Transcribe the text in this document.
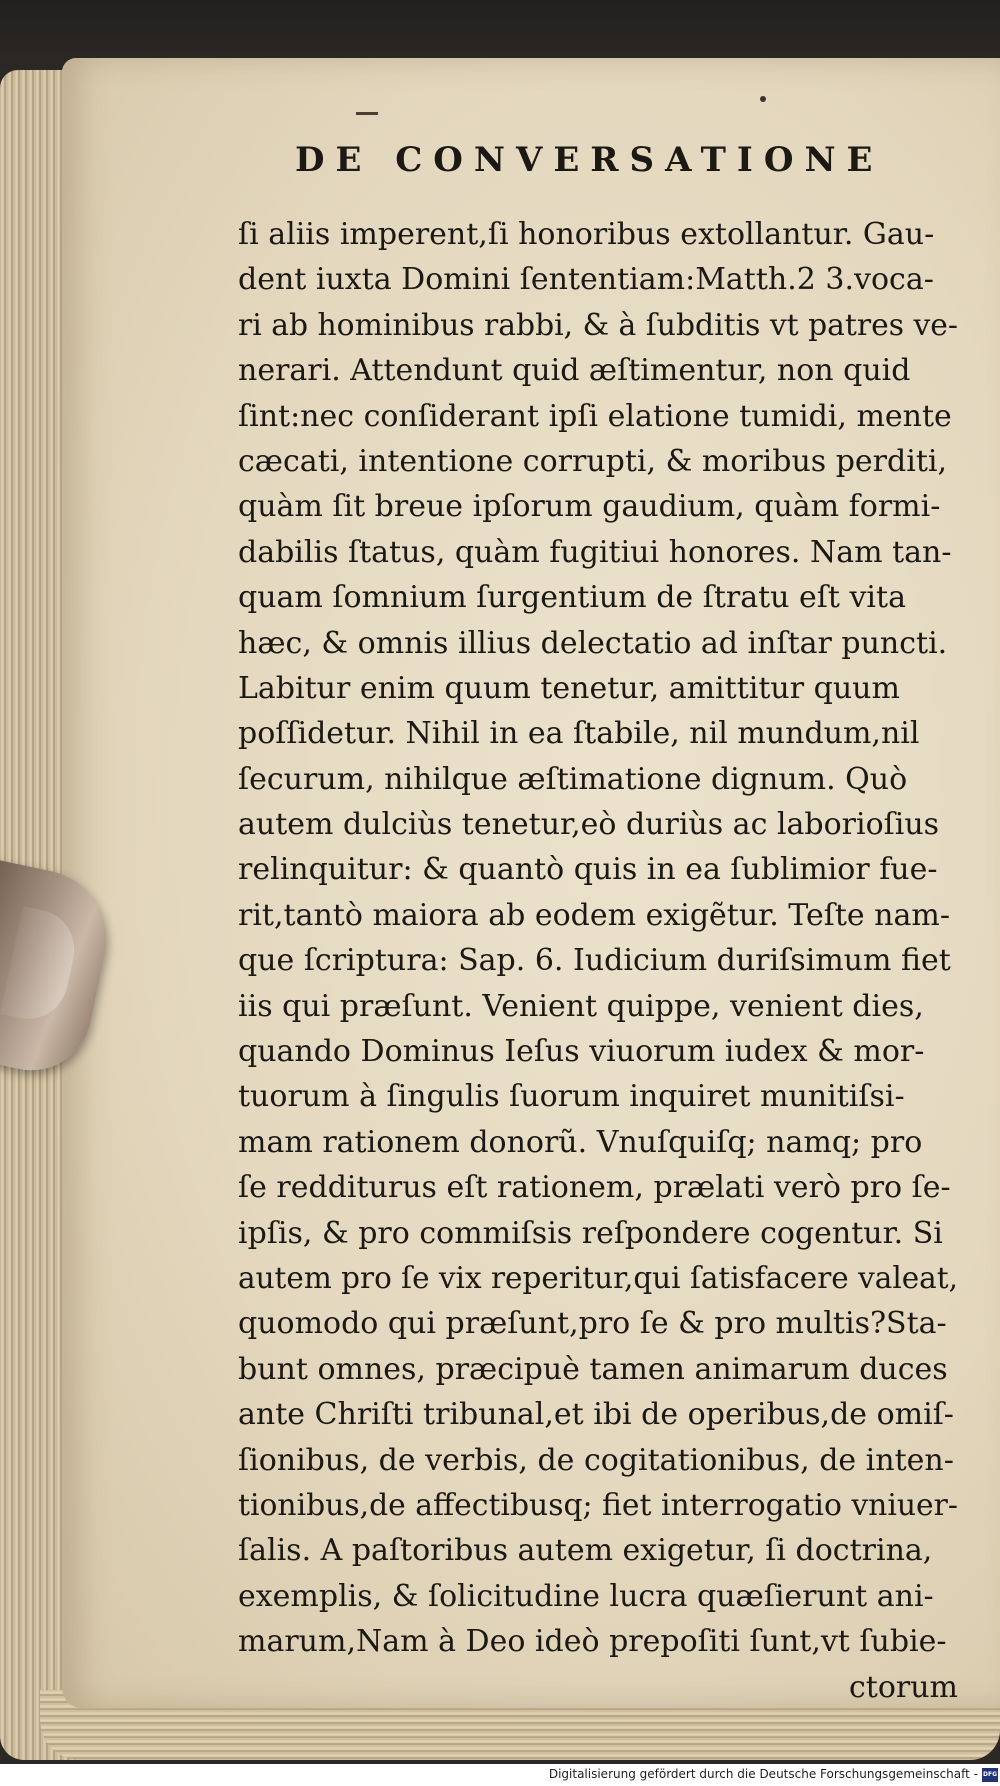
DE CONVERSATIONE
ſi aliis imperent,ſi honoribus extollantur. Gau-
dent iuxta Domini ſententiam:Matth.2 3.voca-
ri ab hominibus rabbi, & à ſubditis vt patres ve-
nerari. Attendunt quid æſtimentur, non quid
ſint:nec conſiderant ipſi elatione tumidi, mente
cæcati, intentione corrupti, & moribus perditi,
quàm ſit breue ipſorum gaudium, quàm formi-
dabilis ſtatus, quàm fugitiui honores. Nam tan-
quam ſomnium ſurgentium de ſtratu eſt vita
hæc, & omnis illius delectatio ad inſtar puncti.
Labitur enim quum tenetur, amittitur quum
poſſidetur. Nihil in ea ſtabile, nil mundum,nil
ſecurum, nihilque æſtimatione dignum. Quò
autem dulciùs tenetur,eò duriùs ac laborioſius
relinquitur: & quantò quis in ea ſublimior fue-
rit,tantò maiora ab eodem exigẽtur. Teſte nam-
que ſcriptura: Sap. 6. Iudicium duriſsimum fiet
iis qui præſunt. Venient quippe, venient dies,
quando Dominus Ieſus viuorum iudex & mor-
tuorum à ſingulis ſuorum inquiret munitiſsi-
mam rationem donorũ. Vnuſquiſq; namq; pro
ſe redditurus eſt rationem, prælati verò pro ſe-
ipſis, & pro commiſsis reſpondere cogentur. Si
autem pro ſe vix reperitur,qui ſatisfacere valeat,
quomodo qui præſunt,pro ſe & pro multis?Sta-
bunt omnes, præcipuè tamen animarum duces
ante Chriſti tribunal,et ibi de operibus,de omiſ-
ſionibus, de verbis, de cogitationibus, de inten-
tionibus,de affectibusq; fiet interrogatio vniuer-
ſalis. A paſtoribus autem exigetur, ſi doctrina,
exemplis, & ſolicitudine lucra quæſierunt ani-
marum,Nam à Deo ideò prepoſiti ſunt,vt ſubie-
ctorum
Digitalisierung gefördert durch die Deutsche Forschungsgemeinschaft - DFG
